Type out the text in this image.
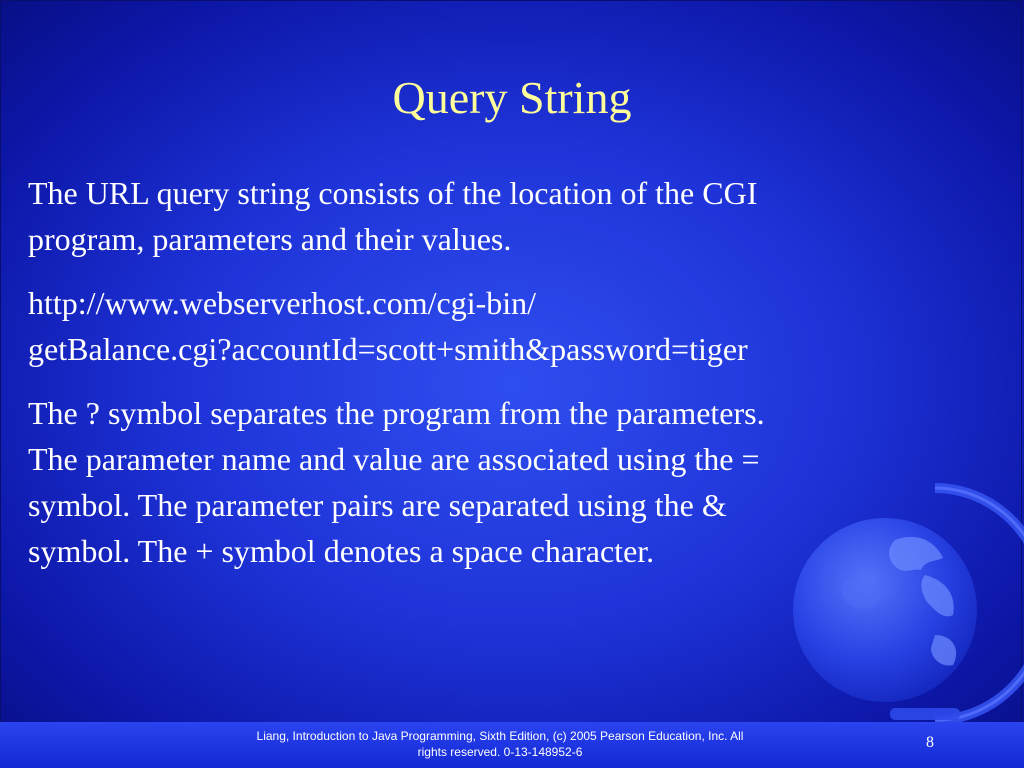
Query String

The URL query string consists of the location of the CGI
program, parameters and their values.

http://www.webserverhost.com/cgi-bin/
getBalance.cgi?accountId=scott+smith&password=tiger

The ? symbol separates the program from the parameters.
The parameter name and value are associated using the =
symbol. The parameter pairs are separated using the &
symbol. The + symbol denotes a space character.

Liang, Introduction to Java Programming, Sixth Edition, (c) 2005 Pearson Education, Inc. All
rights reserved. 0-13-148952-6
8
